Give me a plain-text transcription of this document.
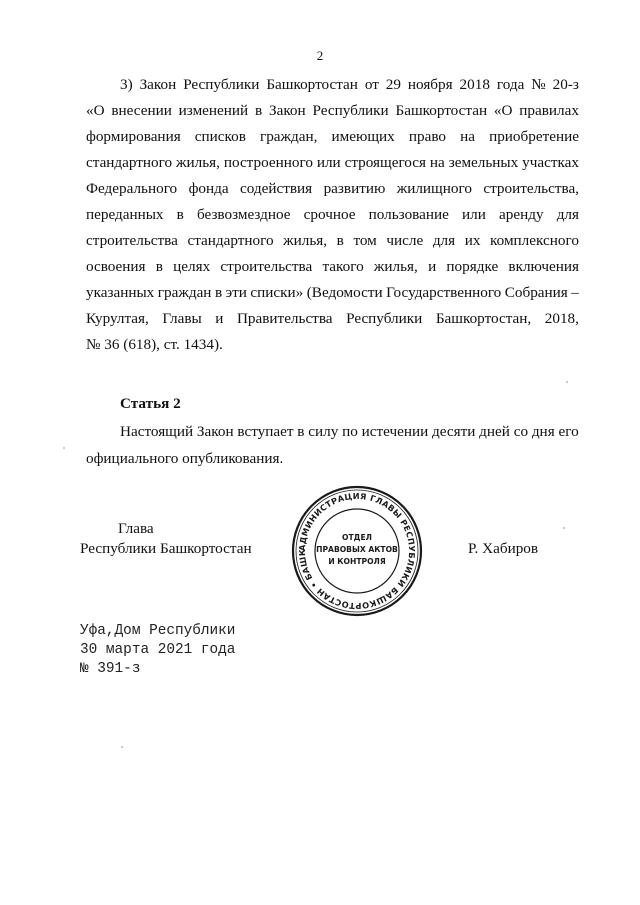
2
3) Закон Республики Башкортостан от 29 ноября 2018 года № 20-з
«О внесении изменений в Закон Республики Башкортостан «О правилах
формирования списков граждан, имеющих право на приобретение
стандартного жилья, построенного или строящегося на земельных участках
Федерального фонда содействия развитию жилищного строительства,
переданных в безвозмездное срочное пользование или аренду для
строительства стандартного жилья, в том числе для их комплексного
освоения в целях строительства такого жилья, и порядке включения
указанных граждан в эти списки» (Ведомости Государственного Собрания –
Курултая, Главы и Правительства Республики Башкортостан, 2018,
№ 36 (618), ст. 1434).
Статья 2
Настоящий Закон вступает в силу по истечении десяти дней со дня его
официального опубликования.
Глава
Республики Башкортостан	АДМИНИСТРАЦИЯ ГЛАВЫ РЕСПУБЛИКИ БАШКОРТОСТАН • БАШК
ОТДЕЛ
ПРАВОВЫХ АКТОВ
И КОНТРОЛЯ
Р. Хабиров
Уфа,Дом Республики
30 марта 2021 года
№ 391-з
